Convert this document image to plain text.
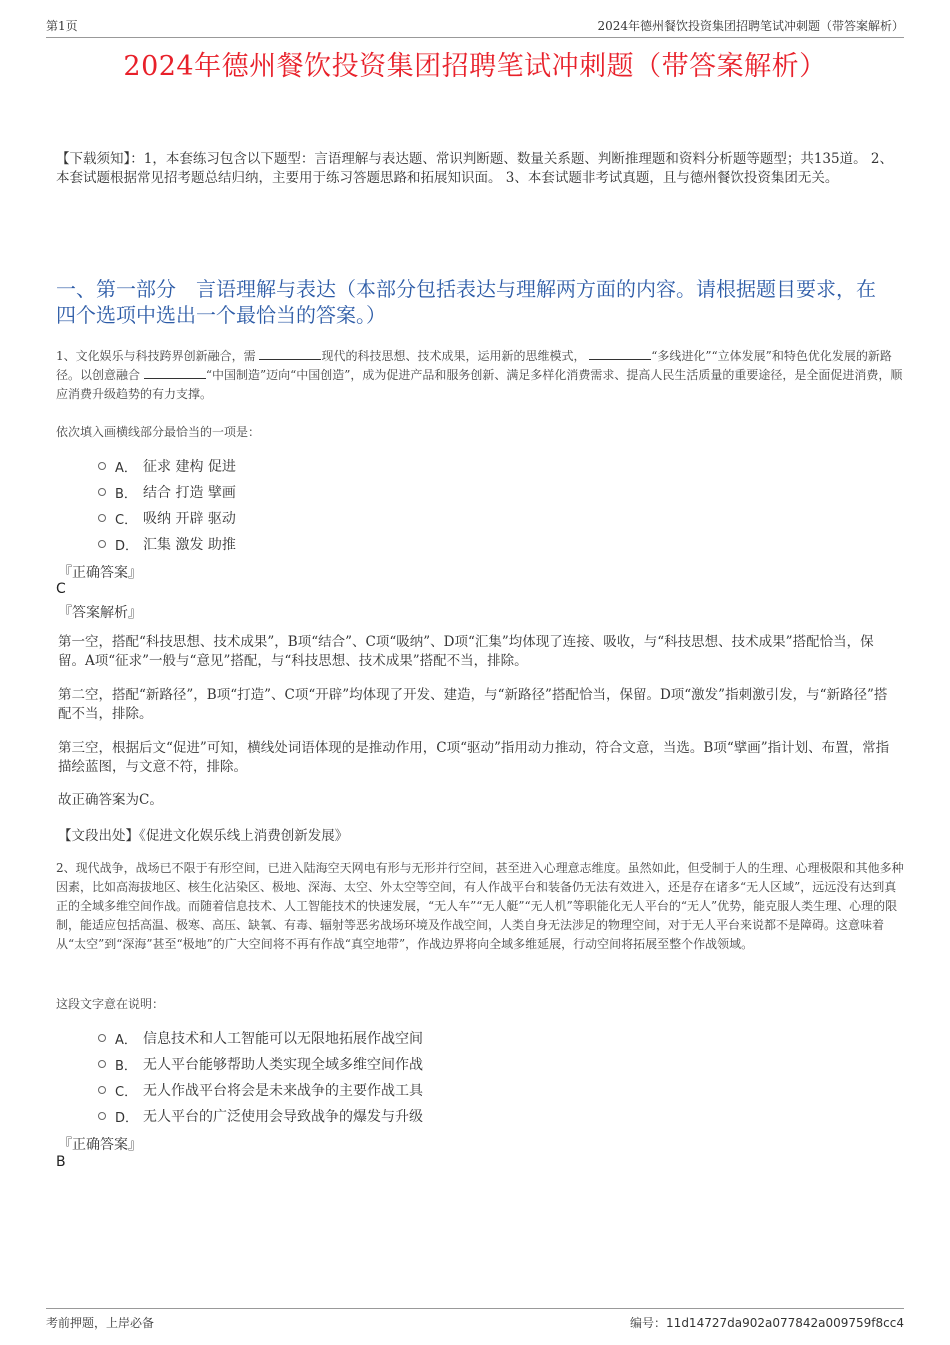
第1页	2024年德州餐饮投资集团招聘笔试冲刺题（带答案解析）
2024年德州餐饮投资集团招聘笔试冲刺题（带答案解析）
【下载须知】：1，本套练习包含以下题型：言语理解与表达题、常识判断题、数量关系题、判断推理题和资料分析题等题型；共135道。 2、本套试题根据常见招考题总结归纳，主要用于练习答题思路和拓展知识面。 3、本套试题非考试真题，且与德州餐饮投资集团无关。
一、第一部分　言语理解与表达（本部分包括表达与理解两方面的内容。请根据题目要求，在四个选项中选出一个最恰当的答案。）
1、文化娱乐与科技跨界创新融合，需	现代的科技思想、技术成果，运用新的思维模式，	“多线进化”“立体发展”和特色优化发展的新路径。以创意融合	“中国制造”迈向“中国创造”，成为促进产品和服务创新、满足多样化消费需求、提高人民生活质量的重要途径，是全面促进消费，顺应消费升级趋势的有力支撑。
依次填入画横线部分最恰当的一项是：
A． 征求 建构 促进
B． 结合 打造 擘画
C． 吸纳 开辟 驱动
D． 汇集 激发 助推
『正确答案』
C
『答案解析』
第一空，搭配“科技思想、技术成果”，B项“结合”、C项“吸纳”、D项“汇集”均体现了连接、吸收，与“科技思想、技术成果”搭配恰当，保留。A项“征求”一般与“意见”搭配，与“科技思想、技术成果”搭配不当，排除。
第二空，搭配“新路径”，B项“打造”、C项“开辟”均体现了开发、建造，与“新路径”搭配恰当，保留。D项“激发”指刺激引发，与“新路径”搭配不当，排除。
第三空，根据后文“促进”可知，横线处词语体现的是推动作用，C项“驱动”指用动力推动，符合文意，当选。B项“擘画”指计划、布置，常指描绘蓝图，与文意不符，排除。
故正确答案为C。
【文段出处】《促进文化娱乐线上消费创新发展》
2、现代战争，战场已不限于有形空间，已进入陆海空天网电有形与无形并行空间，甚至进入心理意志维度。虽然如此，但受制于人的生理、心理极限和其他多种因素，比如高海拔地区、核生化沾染区、极地、深海、太空、外太空等空间，有人作战平台和装备仍无法有效进入，还是存在诸多“无人区域”，远远没有达到真正的全域多维空间作战。而随着信息技术、人工智能技术的快速发展，“无人车”“无人艇”“无人机”等职能化无人平台的“无人”优势，能克服人类生理、心理的限制，能适应包括高温、极寒、高压、缺氧、有毒、辐射等恶劣战场环境及作战空间，人类自身无法涉足的物理空间，对于无人平台来说都不是障碍。这意味着从“太空”到“深海”甚至“极地”的广大空间将不再有作战“真空地带”，作战边界将向全域多维延展，行动空间将拓展至整个作战领域。
这段文字意在说明：
A． 信息技术和人工智能可以无限地拓展作战空间
B． 无人平台能够帮助人类实现全域多维空间作战
C． 无人作战平台将会是未来战争的主要作战工具
D． 无人平台的广泛使用会导致战争的爆发与升级
『正确答案』
B
考前押题，上岸必备	编号：11d14727da902a077842a009759f8cc4
